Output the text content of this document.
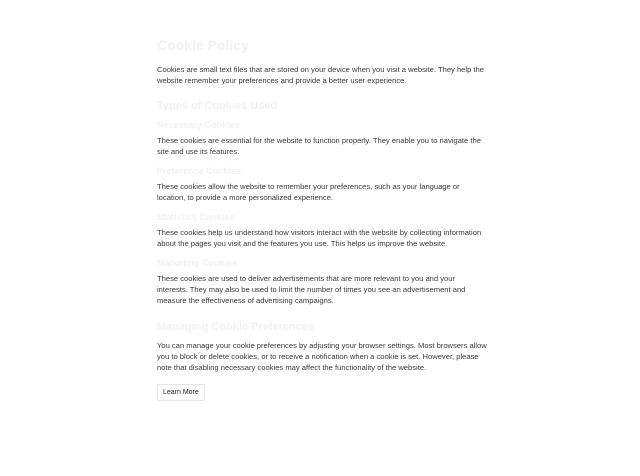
Cookie Policy

Cookies are small text files that are stored on your device when you visit a website. They help the website remember your preferences and provide a better user experience.

Types of Cookies Used
Necessary Cookies

These cookies are essential for the website to function properly. They enable you to navigate the site and use its features.

Preference Cookies

These cookies allow the website to remember your preferences, such as your language or location, to provide a more personalized experience.

Statistics Cookies

These cookies help us understand how visitors interact with the website by collecting information about the pages you visit and the features you use. This helps us improve the website.

Marketing Cookies

These cookies are used to deliver advertisements that are more relevant to you and your interests. They may also be used to limit the number of times you see an advertisement and measure the effectiveness of advertising campaigns.

Managing Cookie Preferences

You can manage your cookie preferences by adjusting your browser settings. Most browsers allow you to block or delete cookies, or to receive a notification when a cookie is set. However, please note that disabling necessary cookies may affect the functionality of the website.

Learn More
